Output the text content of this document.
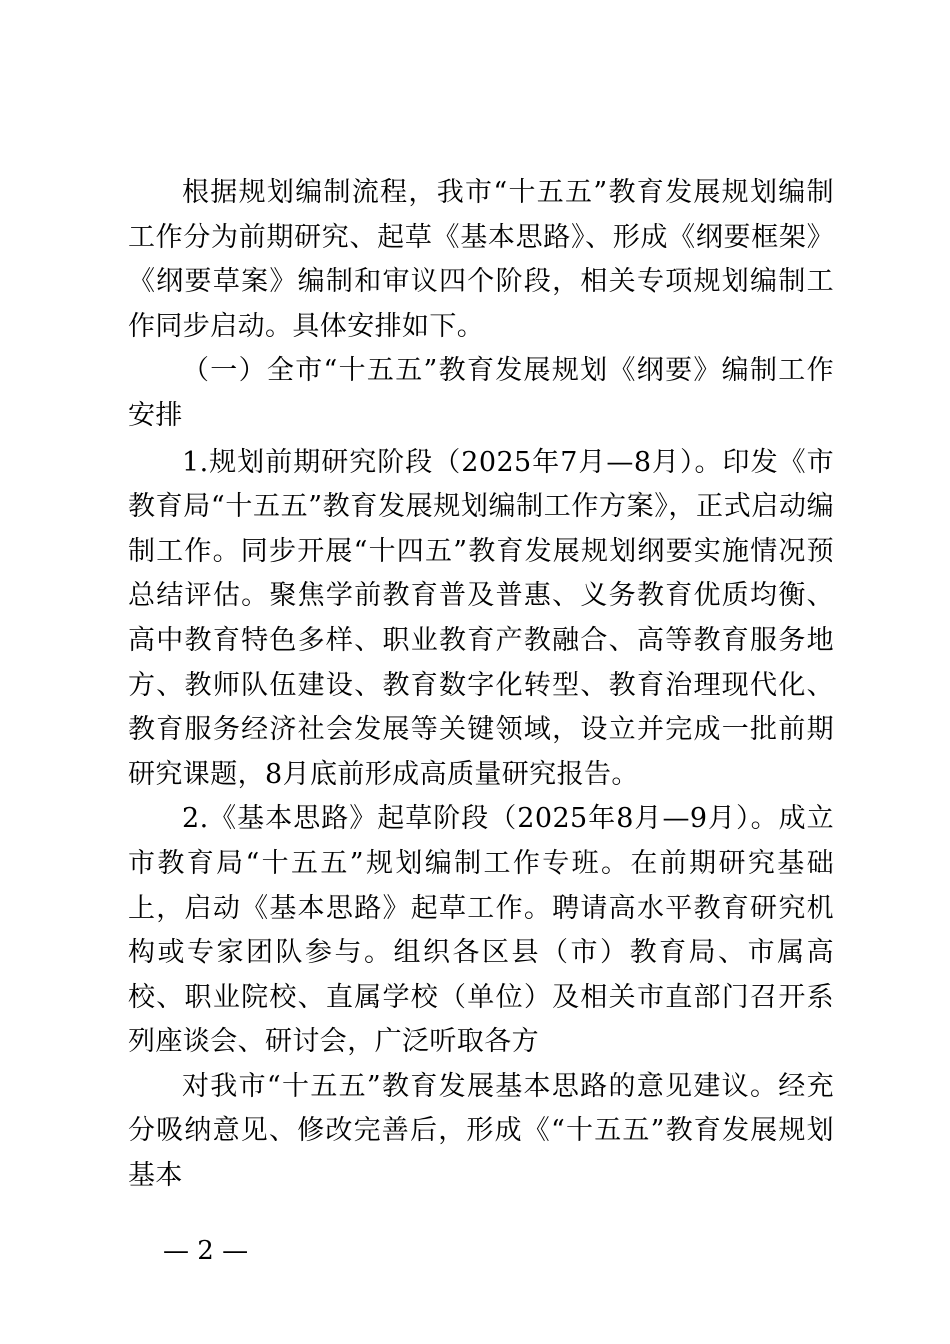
根据规划编制流程，我市“十五五”教育发展规划编制工作分为前期研究、起草《基本思路》、形成《纲要框架》《纲要草案》编制和审议四个阶段，相关专项规划编制工作同步启动。具体安排如下。

（一）全市“十五五”教育发展规划《纲要》编制工作安排

1.规划前期研究阶段（2025年7月—8月）。印发《市教育局“十五五”教育发展规划编制工作方案》，正式启动编制工作。同步开展“十四五”教育发展规划纲要实施情况预总结评估。聚焦学前教育普及普惠、义务教育优质均衡、高中教育特色多样、职业教育产教融合、高等教育服务地方、教师队伍建设、教育数字化转型、教育治理现代化、教育服务经济社会发展等关键领域，设立并完成一批前期研究课题，8月底前形成高质量研究报告。

2.《基本思路》起草阶段（2025年8月—9月）。成立市教育局“十五五”规划编制工作专班。在前期研究基础上，启动《基本思路》起草工作。聘请高水平教育研究机构或专家团队参与。组织各区县（市）教育局、市属高校、职业院校、直属学校（单位）及相关市直部门召开系列座谈会、研讨会，广泛听取各方

对我市“十五五”教育发展基本思路的意见建议。经充分吸纳意见、修改完善后，形成《“十五五”教育发展规划基本

— 2 —
